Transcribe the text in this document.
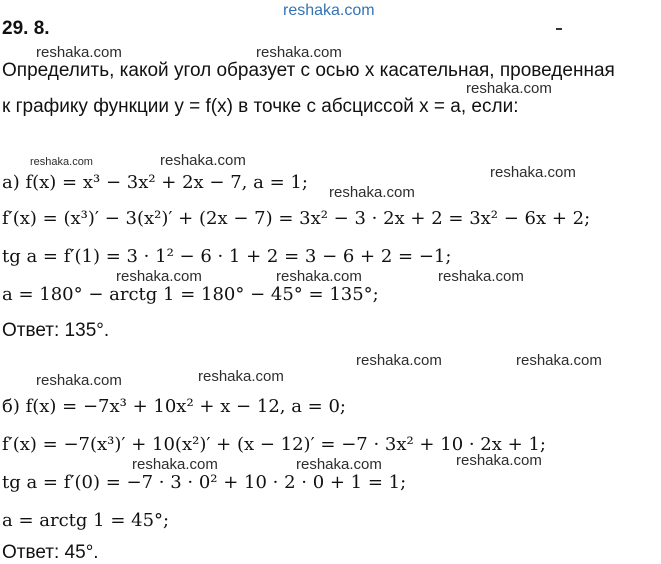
reshaka.com
29. 8.
reshaka.com	reshaka.com
Определить, какой угол образует с осью x касательная, проведенная
reshaka.com
к графику функции y = f(x) в точке с абсциссой x = a, если:
reshaka.com	reshaka.com
reshaka.com
а) f(x) = x³ − 3x² + 2x − 7, a = 1; reshaka.com
f′(x) = (x³)′ − 3(x²)′ + (2x − 7) = 3x² − 3 · 2x + 2 = 3x² − 6x + 2;
tg a = f′(1) = 3 · 1² − 6 · 1 + 2 = 3 − 6 + 2 = −1;
reshaka.com	reshaka.com	reshaka.com
a = 180° − arctg 1 = 180° − 45° = 135°;
Ответ: 135°.
reshaka.com	reshaka.com
reshaka.com	reshaka.com
б) f(x) = −7x³ + 10x² + x − 12, a = 0;
f′(x) = −7(x³)′ + 10(x²)′ + (x − 12)′ = −7 · 3x² + 10 · 2x + 1;
reshaka.com	reshaka.com	reshaka.com
tg a = f′(0) = −7 · 3 · 0² + 10 · 2 · 0 + 1 = 1;
a = arctg 1 = 45°;
Ответ: 45°.
